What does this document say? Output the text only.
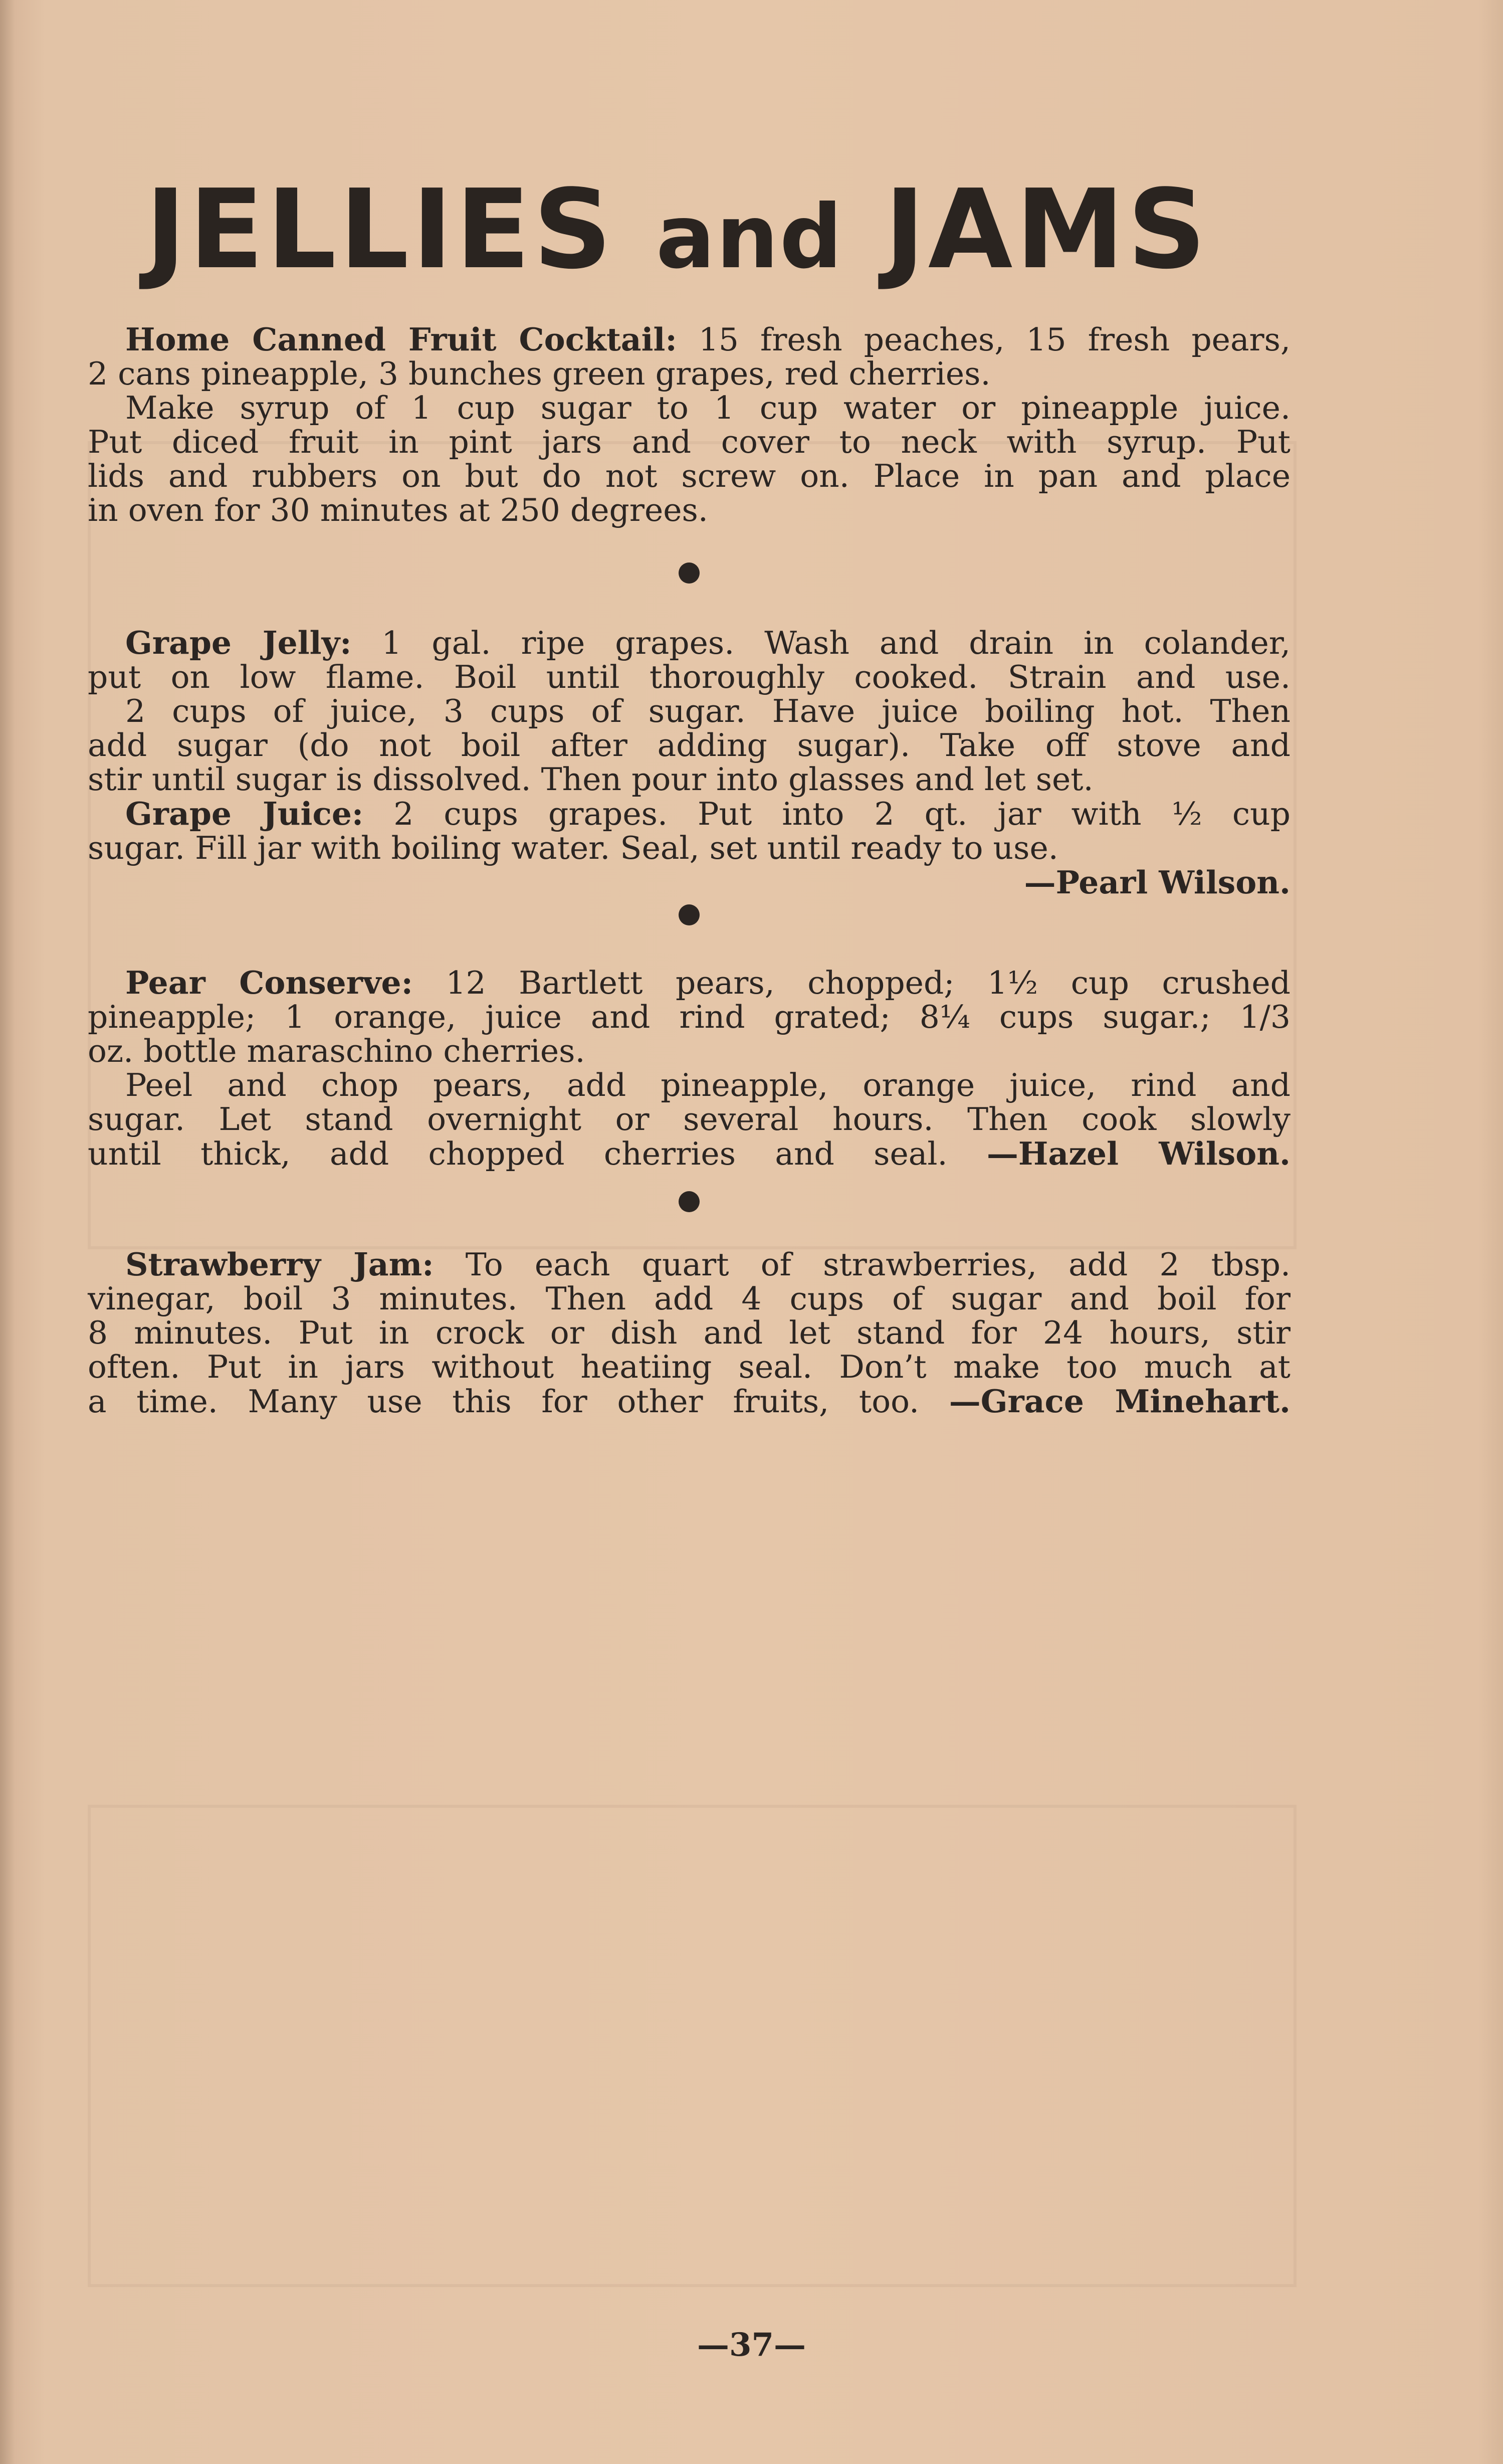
JELLIES and JAMS

Home Canned Fruit Cocktail: 15 fresh peaches, 15 fresh pears,

2 cans pineapple, 3 bunches green grapes, red cherries.

Make syrup of 1 cup sugar to 1 cup water or pineapple juice.

Put diced fruit in pint jars and cover to neck with syrup. Put

lids and rubbers on but do not screw on. Place in pan and place

in oven for 30 minutes at 250 degrees.

Grape Jelly: 1 gal. ripe grapes. Wash and drain in colander,

put on low flame. Boil until thoroughly cooked. Strain and use.

2 cups of juice, 3 cups of sugar. Have juice boiling hot. Then

add sugar (do not boil after adding sugar). Take off stove and

stir until sugar is dissolved. Then pour into glasses and let set.

Grape Juice: 2 cups grapes. Put into 2 qt. jar with ½ cup

sugar. Fill jar with boiling water. Seal, set until ready to use.

—Pearl Wilson.

Pear Conserve: 12 Bartlett pears, chopped; 1½ cup crushed

pineapple; 1 orange, juice and rind grated; 8¼ cups sugar.; 1/3

oz. bottle maraschino cherries.

Peel and chop pears, add pineapple, orange juice, rind and

sugar. Let stand overnight or several hours. Then cook slowly

until thick, add chopped cherries and seal. —Hazel Wilson.

Strawberry Jam: To each quart of strawberries, add 2 tbsp.

vinegar, boil 3 minutes. Then add 4 cups of sugar and boil for

8 minutes. Put in crock or dish and let stand for 24 hours, stir

often. Put in jars without heatiing seal. Don’t make too much at

a time. Many use this for other fruits, too. —Grace Minehart.

—37—
